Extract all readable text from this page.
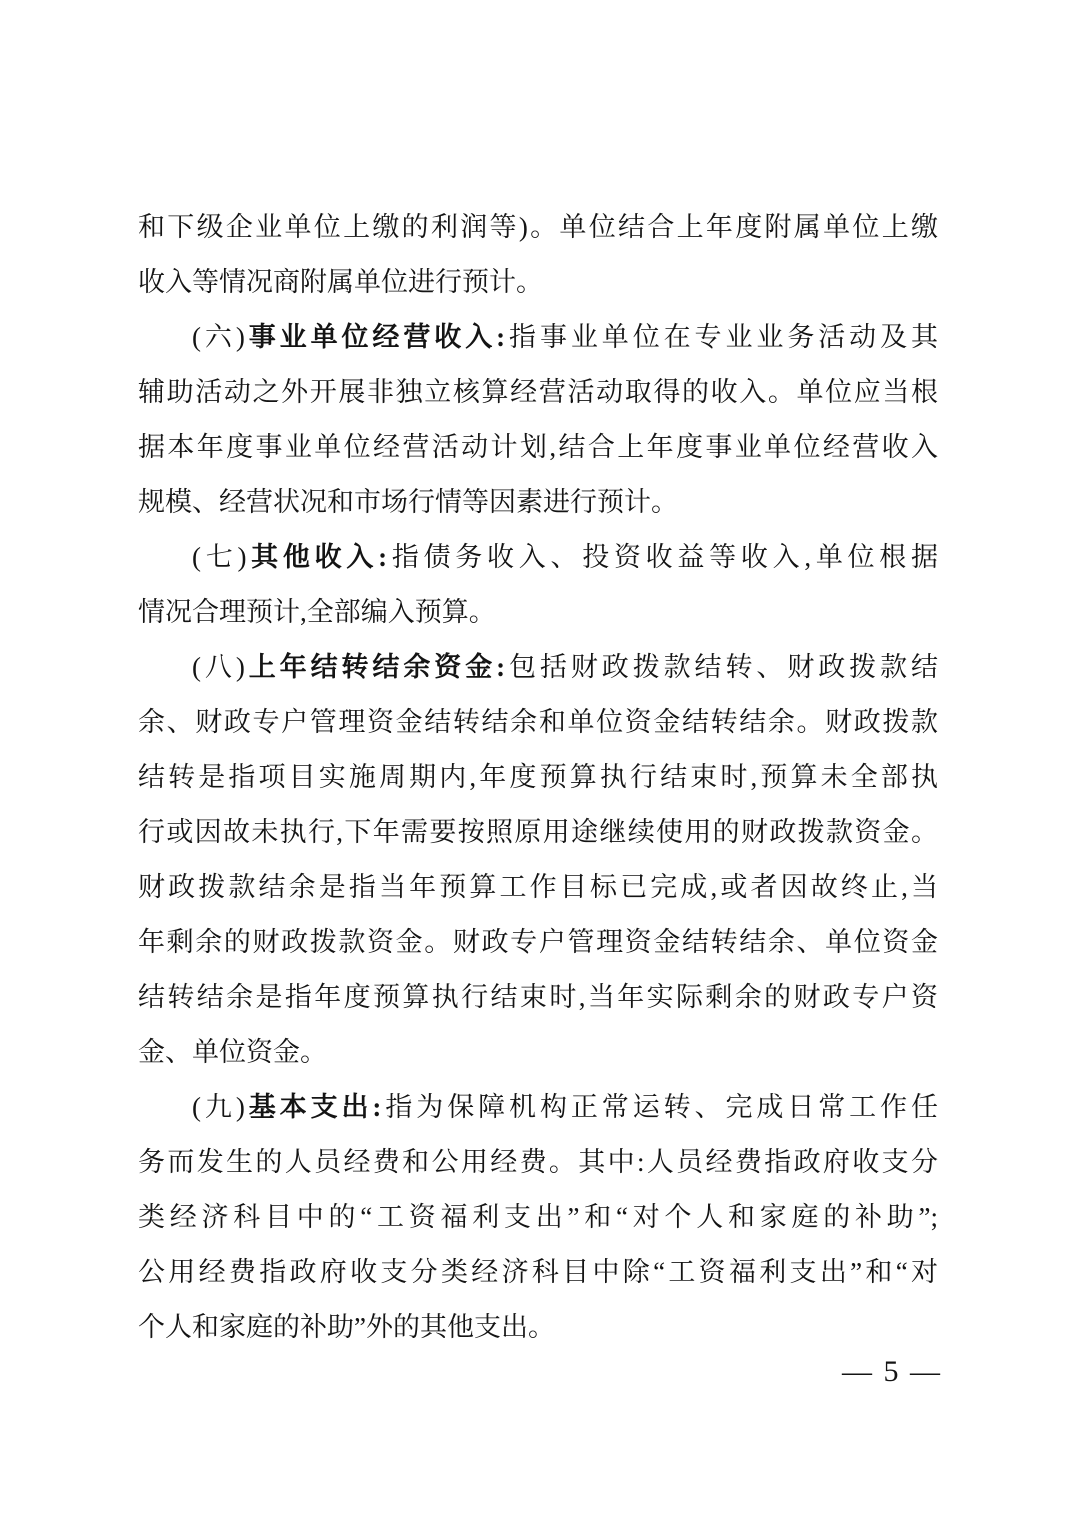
和下级企业单位上缴的利润等)。单位结合上年度附属单位上缴

收入等情况商附属单位进行预计。

(六)事业单位经营收入:指事业单位在专业业务活动及其

辅助活动之外开展非独立核算经营活动取得的收入。单位应当根

据本年度事业单位经营活动计划,结合上年度事业单位经营收入

规模、经营状况和市场行情等因素进行预计。

(七)其他收入:指债务收入、投资收益等收入,单位根据

情况合理预计,全部编入预算。

(八)上年结转结余资金:包括财政拨款结转、财政拨款结

余、财政专户管理资金结转结余和单位资金结转结余。财政拨款

结转是指项目实施周期内,年度预算执行结束时,预算未全部执

行或因故未执行,下年需要按照原用途继续使用的财政拨款资金。

财政拨款结余是指当年预算工作目标已完成,或者因故终止,当

年剩余的财政拨款资金。财政专户管理资金结转结余、单位资金

结转结余是指年度预算执行结束时,当年实际剩余的财政专户资

金、单位资金。

(九)基本支出:指为保障机构正常运转、完成日常工作任

务而发生的人员经费和公用经费。其中:人员经费指政府收支分

类经济科目中的“工资福利支出”和“对个人和家庭的补助”;

公用经费指政府收支分类经济科目中除“工资福利支出”和“对

个人和家庭的补助”外的其他支出。

— 5 —
